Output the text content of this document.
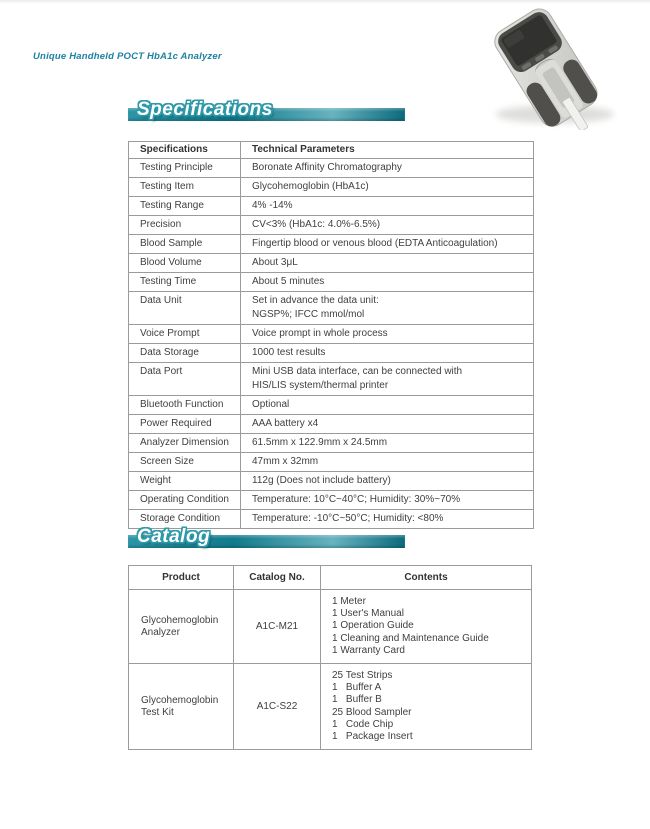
Unique Handheld POCT HbA1c Analyzer
Specifications
Specifications	Technical Parameters
Testing Principle	Boronate Affinity Chromatography

Testing Item	Glycohemoglobin (HbA1c)

Testing Range	4% -14%

Precision	CV<3% (HbA1c: 4.0%-6.5%)

Blood Sample	Fingertip blood or venous blood (EDTA Anticoagulation)

Blood Volume	About 3μL

Testing Time	About 5 minutes

Data Unit	Set in advance the data unit:
NGSP%; IFCC mmol/mol

Voice Prompt	Voice prompt in whole process

Data Storage	1000 test results

Data Port	Mini USB data interface, can be connected with
HIS/LIS system/thermal printer

Bluetooth Function	Optional

Power Required	AAA battery x4

Analyzer Dimension	61.5mm x 122.9mm x 24.5mm

Screen Size	47mm x 32mm

Weight	112g (Does not include battery)

Operating Condition	Temperature: 10°C~40°C; Humidity: 30%~70%

Storage Condition	Temperature: -10°C~50°C; Humidity: <80%
Catalog
Product	Catalog No.	Contents
Glycohemoglobin Analyzer	A1C-M21	1 Meter
1 User's Manual
1 Operation Guide
1 Cleaning and Maintenance Guide
1 Warranty Card

Glycohemoglobin Test Kit	A1C-S22	
25 Test Strips
1   Buffer A
1   Buffer B
25 Blood Sampler
1   Code Chip
1   Package Insert
